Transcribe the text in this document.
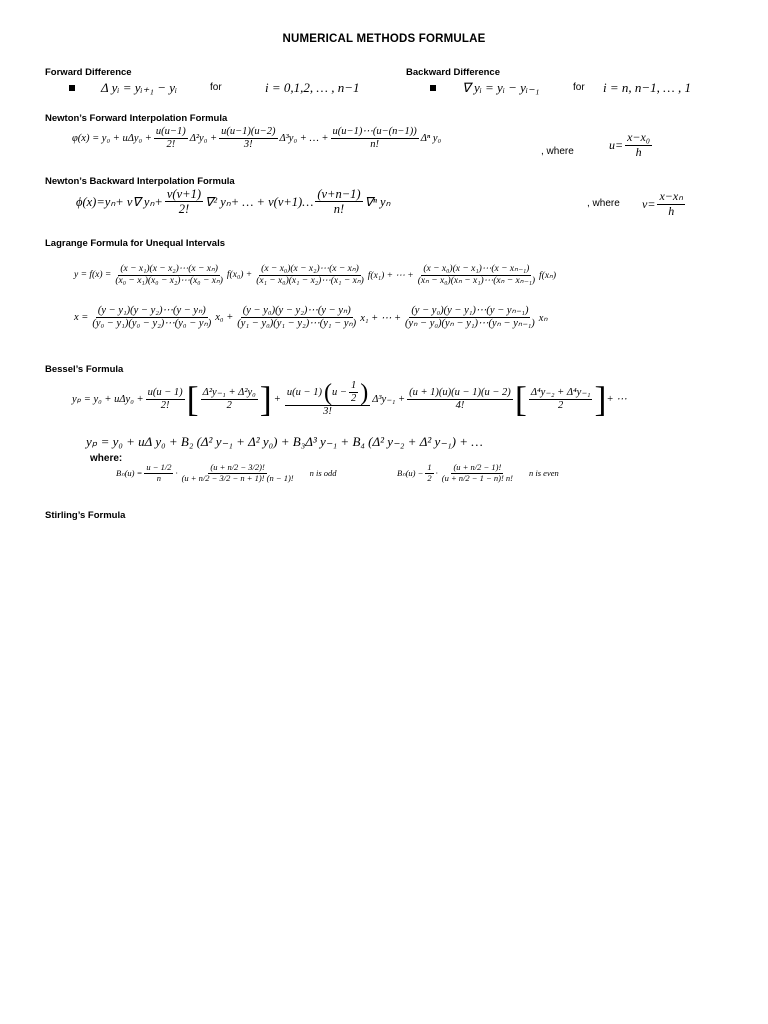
NUMERICAL METHODS FORMULAE
Forward Difference
Δ yᵢ = yᵢ₊₁ − yᵢ	for	i = 0,1,2, … , n−1
Backward Difference
∇ yᵢ = yᵢ − yᵢ₋₁	for i = n, n−1, … , 1
Newton’s Forward Interpolation Formula
$\varphi(x) = y_0 + u\Delta y_0 + \frac{u(u-1)}{2!} \Delta^2y_0 + \frac{u(u-1)(u-2)}{3!} \Delta^3y_0$ + … + $\frac{u(u-1)\cdots(u-(n-1))}{n!}$ Δⁿ y₀
, where	$u= \frac{\text{x−x₀}}{h}$
Newton’s Backward Interpolation Formula
ϕ(x)=yₙ+ v∇ $y_n+ \frac{v(v+1)}{2!} \nabla^2$ yₙ+ … + v(v+1)… $\frac{(v+n-1)}{n!} \nabla^n$ yₙ	, where $v= \frac{\text{x−xₙ}}{h}$
Lagrange Formula for Unequal Intervals
$y = f(x) = \frac{\text{(x − x₁)(x − x₂)⋯(x − xₙ)}}{\text{(x₀ − x₁)(x₀ − x₂)⋯(x₀ − xₙ)}} f(x_0) + \frac{\text{(x − x₀)(x − x₂)⋯(x − xₙ)}}{\text{(x₁ − x₀)(x₁ − x₂)⋯(x₁ − xₙ)}} f(x_1)$ + ⋯ + $\frac{\text{(x − x₀)(x − x₁)⋯(x − xₙ₋₁)}}{\text{(xₙ − x₀)(xₙ − x₁)⋯(xₙ − xₙ₋₁)}} f(x_n)$
$x = \frac{\text{(y − y₁)(y − y₂)⋯(y − yₙ)}}{\text{(y₀ − y₁)(y₀ − y₂)⋯(y₀ − yₙ)}} x_0 + \frac{\text{(y − y₀)(y − y₂)⋯(y − yₙ)}}{\text{(y₁ − y₀)(y₁ − y₂)⋯(y₁ − yₙ)}} x_1$ + ⋯ + $\frac{\text{(y − y₀)(y − y₁)⋯(y − yₙ₋₁)}}{\text{(yₙ − y₀)(yₙ − y₁)⋯(yₙ − yₙ₋₁)}}$ xₙ
Bessel’s Formula
$y_p = y_0 + u\Delta y_0 + \frac{u(u - 1)}{2!}$ [ $\frac{\text{Δ²y₋₁ + Δ²y₀}}{2}$ ] + $\frac{u(u - 1) ( u - \frac{1}{2} )}{3!} \Delta^3y_{-1} + \frac{(u + 1)(u)(u - 1)(u - 2)}{4!}$ [ $\frac{\text{Δ⁴y₋₂ + Δ⁴y₋₁}}{2}$ ] + ⋯
yₚ = y₀ + uΔ y₀ + B₂ (Δ² y₋₁ + Δ² y₀) + B₃Δ³ y₋₁ + B₄ (Δ² y₋₂ + Δ² y₋₁) + …
where:
$B_n(u) = \frac{u - 1/2}{n} \cdot \frac{(u + n/2 - 3/2)!}{(u + n/2 - 3/2 - n + 1)! (n - 1)!}$ n is odd	$B_n(u) - \frac{1}{2} \cdot \frac{(u + n/2 - 1)!}{(u + n/2 - 1 - n)! n!}$ n is even
Stirling’s Formula
